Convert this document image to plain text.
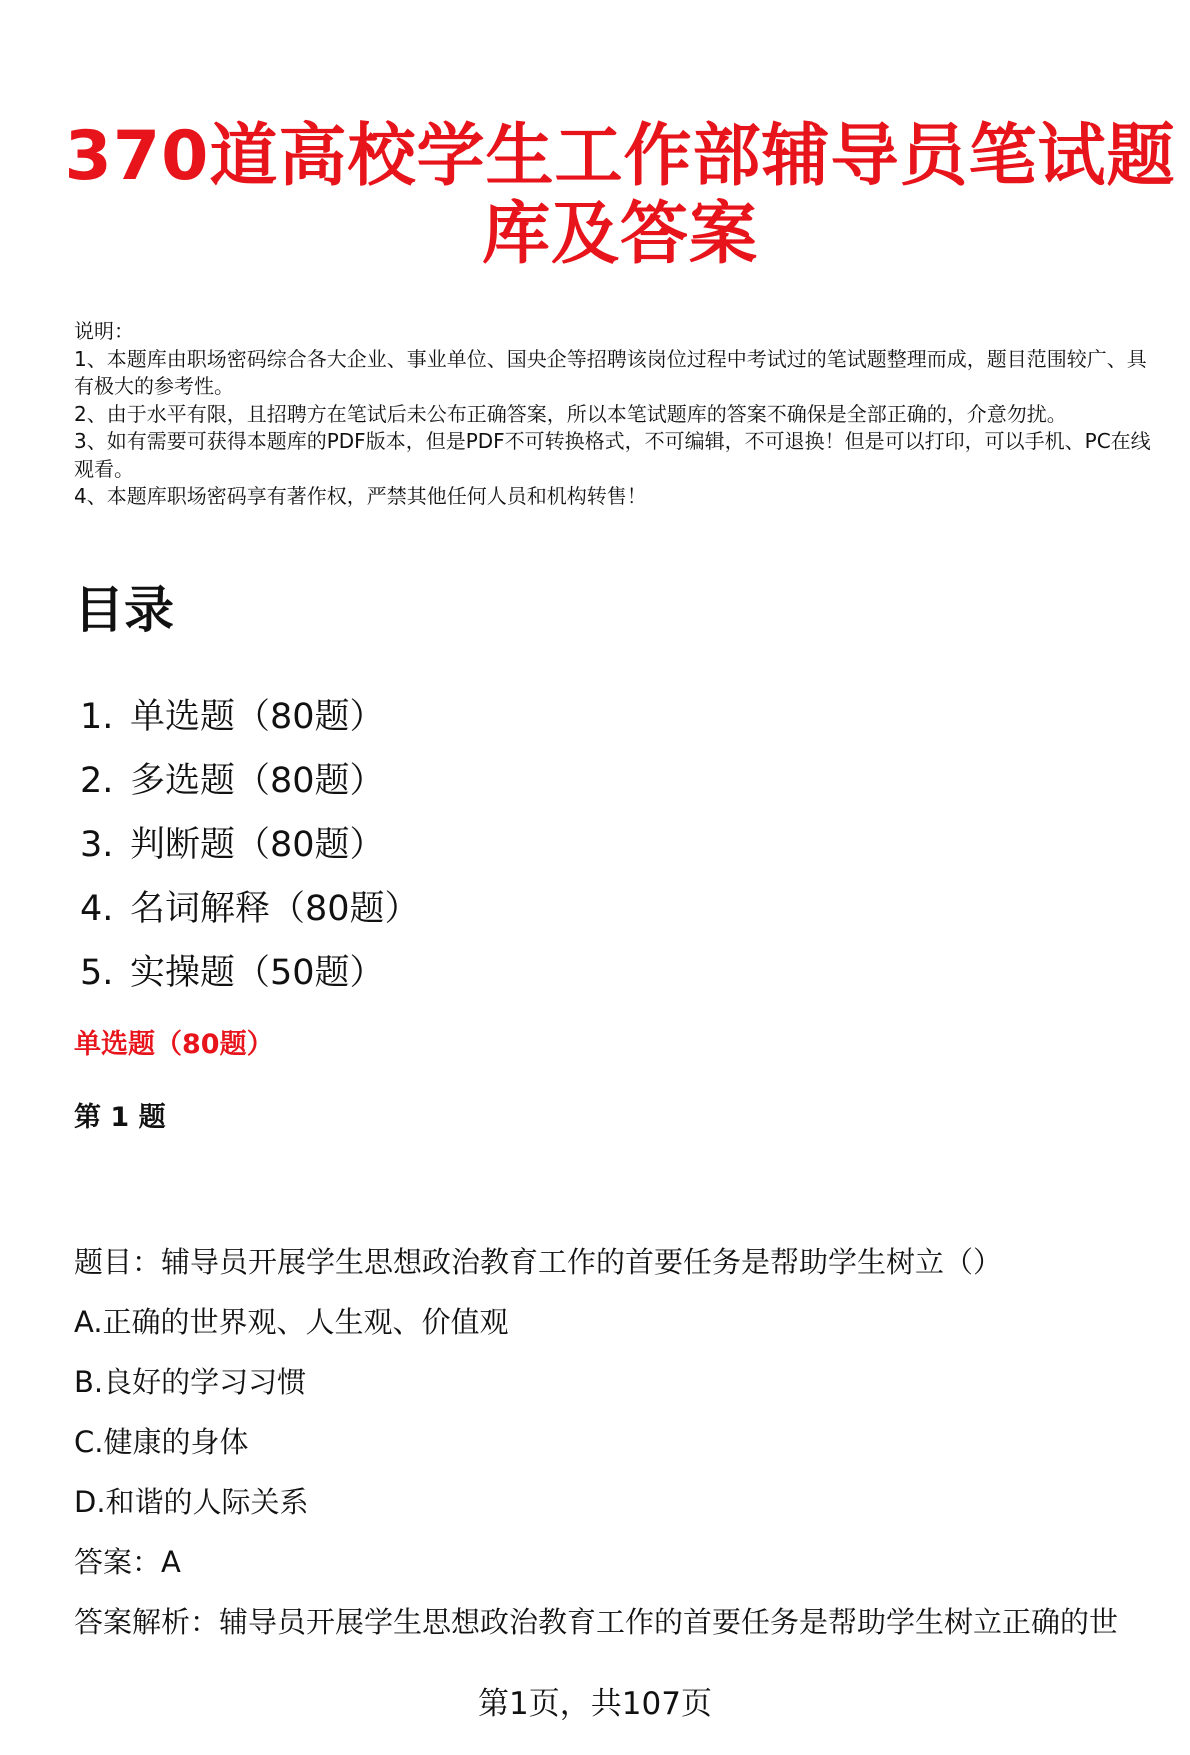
370道高校学生工作部辅导员笔试题库及答案
说明：
1、本题库由职场密码综合各大企业、事业单位、国央企等招聘该岗位过程中考试过的笔试题整理而成，题目范围较广、具有极大的参考性。
2、由于水平有限，且招聘方在笔试后未公布正确答案，所以本笔试题库的答案不确保是全部正确的，介意勿扰。
3、如有需要可获得本题库的PDF版本，但是PDF不可转换格式，不可编辑，不可退换！但是可以打印，可以手机、PC在线观看。
4、本题库职场密码享有著作权，严禁其他任何人员和机构转售！
目录
1. 单选题（80题）
2. 多选题（80题）
3. 判断题（80题）
4. 名词解释（80题）
5. 实操题（50题）
单选题（80题）
第 1 题
题目：辅导员开展学生思想政治教育工作的首要任务是帮助学生树立（）
A.正确的世界观、人生观、价值观
B.良好的学习习惯
C.健康的身体
D.和谐的人际关系
答案：A
答案解析：辅导员开展学生思想政治教育工作的首要任务是帮助学生树立正确的世
第1页，共107页
